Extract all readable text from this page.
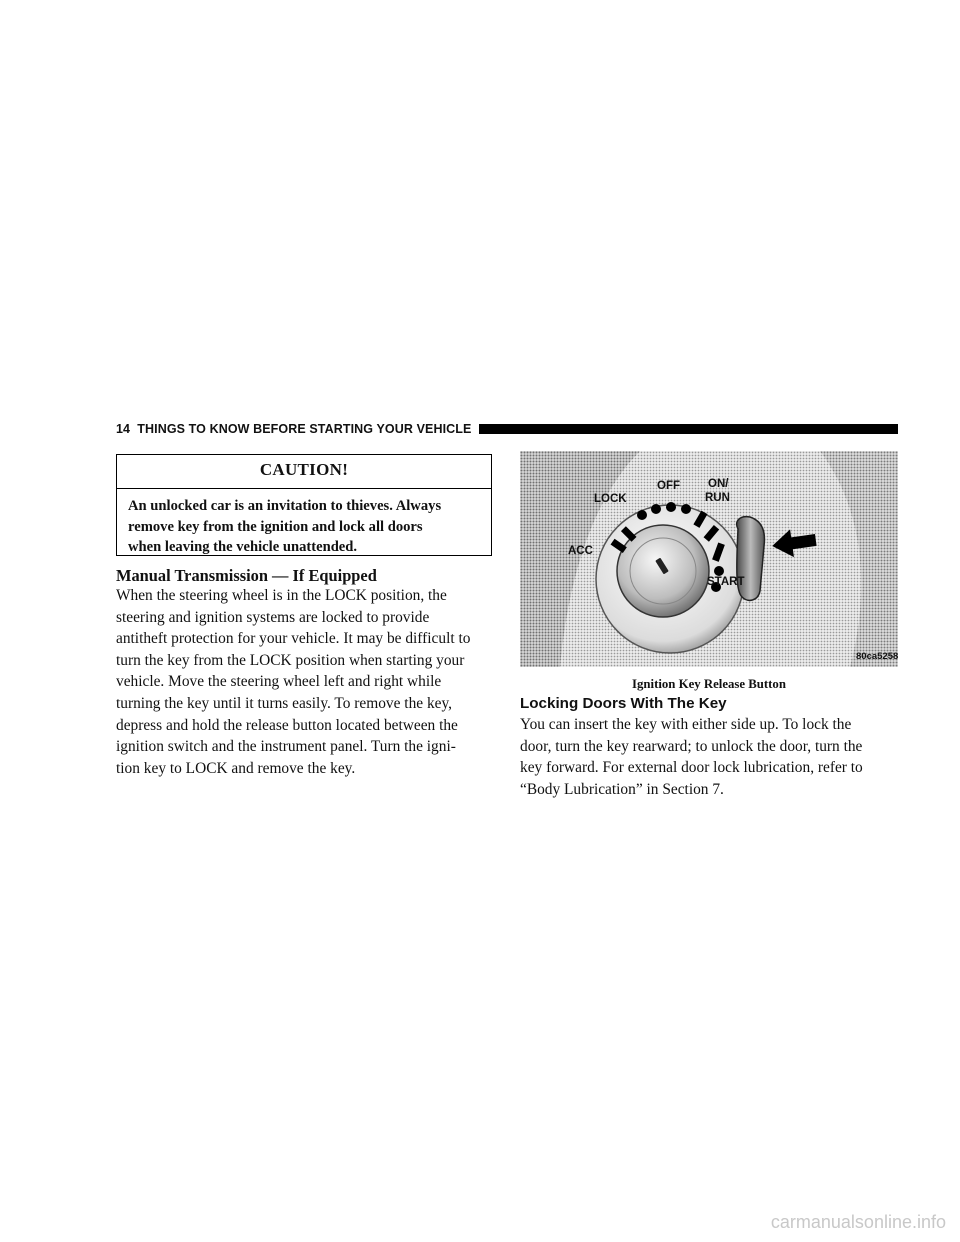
14 THINGS TO KNOW BEFORE STARTING YOUR VEHICLE
CAUTION!
An unlocked car is an invitation to thieves. Always
remove key from the ignition and lock all doors
when leaving the vehicle unattended.
Manual Transmission — If Equipped
When the steering wheel is in the LOCK position, the
steering and ignition systems are locked to provide
antitheft protection for your vehicle. It may be difficult to
turn the key from the LOCK position when starting your
vehicle. Move the steering wheel left and right while
turning the key until it turns easily. To remove the key,
depress and hold the release button located between the
ignition switch and the instrument panel. Turn the igni-
tion key to LOCK and remove the key.
LOCK
OFF ON/
RUN
ACC
START
80ca5258
Ignition Key Release Button
Locking Doors With The Key
You can insert the key with either side up. To lock the
door, turn the key rearward; to unlock the door, turn the
key forward. For external door lock lubrication, refer to
“Body Lubrication” in Section 7.
carmanualsonline.info
